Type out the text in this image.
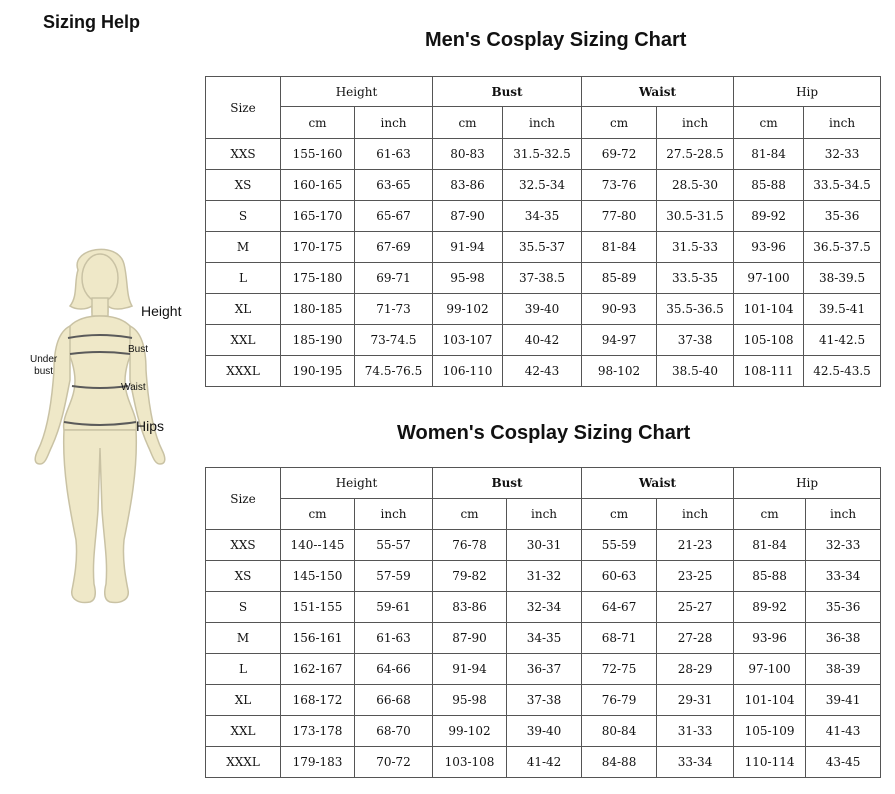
Sizing Help
Height
Bust
Under
bust
Waist
Hips
Men's Cosplay Sizing Chart
Size	Height		Bust		Waist		Hip	
	cm	inch	cm	inch	cm	inch	cm	inch
XXS	155-160	61-63	80-83	31.5-32.5	69-72	27.5-28.5	81-84	32-33
XS	160-165	63-65	83-86	32.5-34	73-76	28.5-30	85-88	33.5-34.5
S	165-170	65-67	87-90	34-35	77-80	30.5-31.5	89-92	35-36
M	170-175	67-69	91-94	35.5-37	81-84	31.5-33	93-96	36.5-37.5
L	175-180	69-71	95-98	37-38.5	85-89	33.5-35	97-100	38-39.5
XL	180-185	71-73	99-102	39-40	90-93	35.5-36.5	101-104	39.5-41
XXL	185-190	73-74.5	103-107	40-42	94-97	37-38	105-108	41-42.5
XXXL	190-195	74.5-76.5	106-110	42-43	98-102	38.5-40	108-111	42.5-43.5
Women's Cosplay Sizing Chart
Size	Height		Bust		Waist		Hip	
	cm	inch	cm	inch	cm	inch	cm	inch
XXS	140--145	55-57	76-78	30-31	55-59	21-23	81-84	32-33
XS	145-150	57-59	79-82	31-32	60-63	23-25	85-88	33-34
S	151-155	59-61	83-86	32-34	64-67	25-27	89-92	35-36
M	156-161	61-63	87-90	34-35	68-71	27-28	93-96	36-38
L	162-167	64-66	91-94	36-37	72-75	28-29	97-100	38-39
XL	168-172	66-68	95-98	37-38	76-79	29-31	101-104	39-41
XXL	173-178	68-70	99-102	39-40	80-84	31-33	105-109	41-43
XXXL	179-183	70-72	103-108	41-42	84-88	33-34	110-114	43-45
